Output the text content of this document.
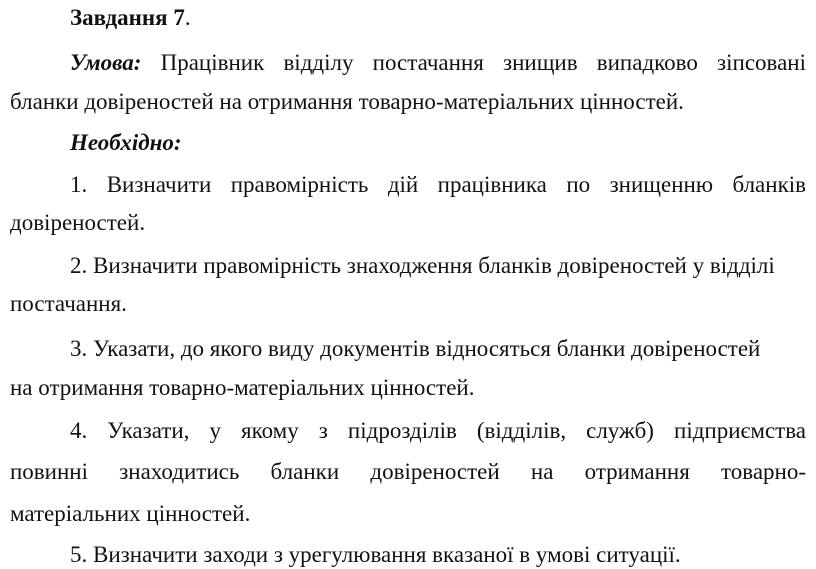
Завдання 7.
Умова: Працівник відділу постачання знищив випадково зіпсовані
бланки довіреностей на отримання товарно-матеріальних цінностей.
Необхідно:
1. Визначити правомірність дій працівника по знищенню бланків
довіреностей.
2. Визначити правомірність знаходження бланків довіреностей у відділі
постачання.
3. Указати, до якого виду документів відносяться бланки довіреностей
на отримання товарно-матеріальних цінностей.
4. Указати, у якому з підрозділів (відділів, служб) підприємства
повинні знаходитись бланки довіреностей на отримання товарно-
матеріальних цінностей.
5. Визначити заходи з урегулювання вказаної в умові ситуації.
